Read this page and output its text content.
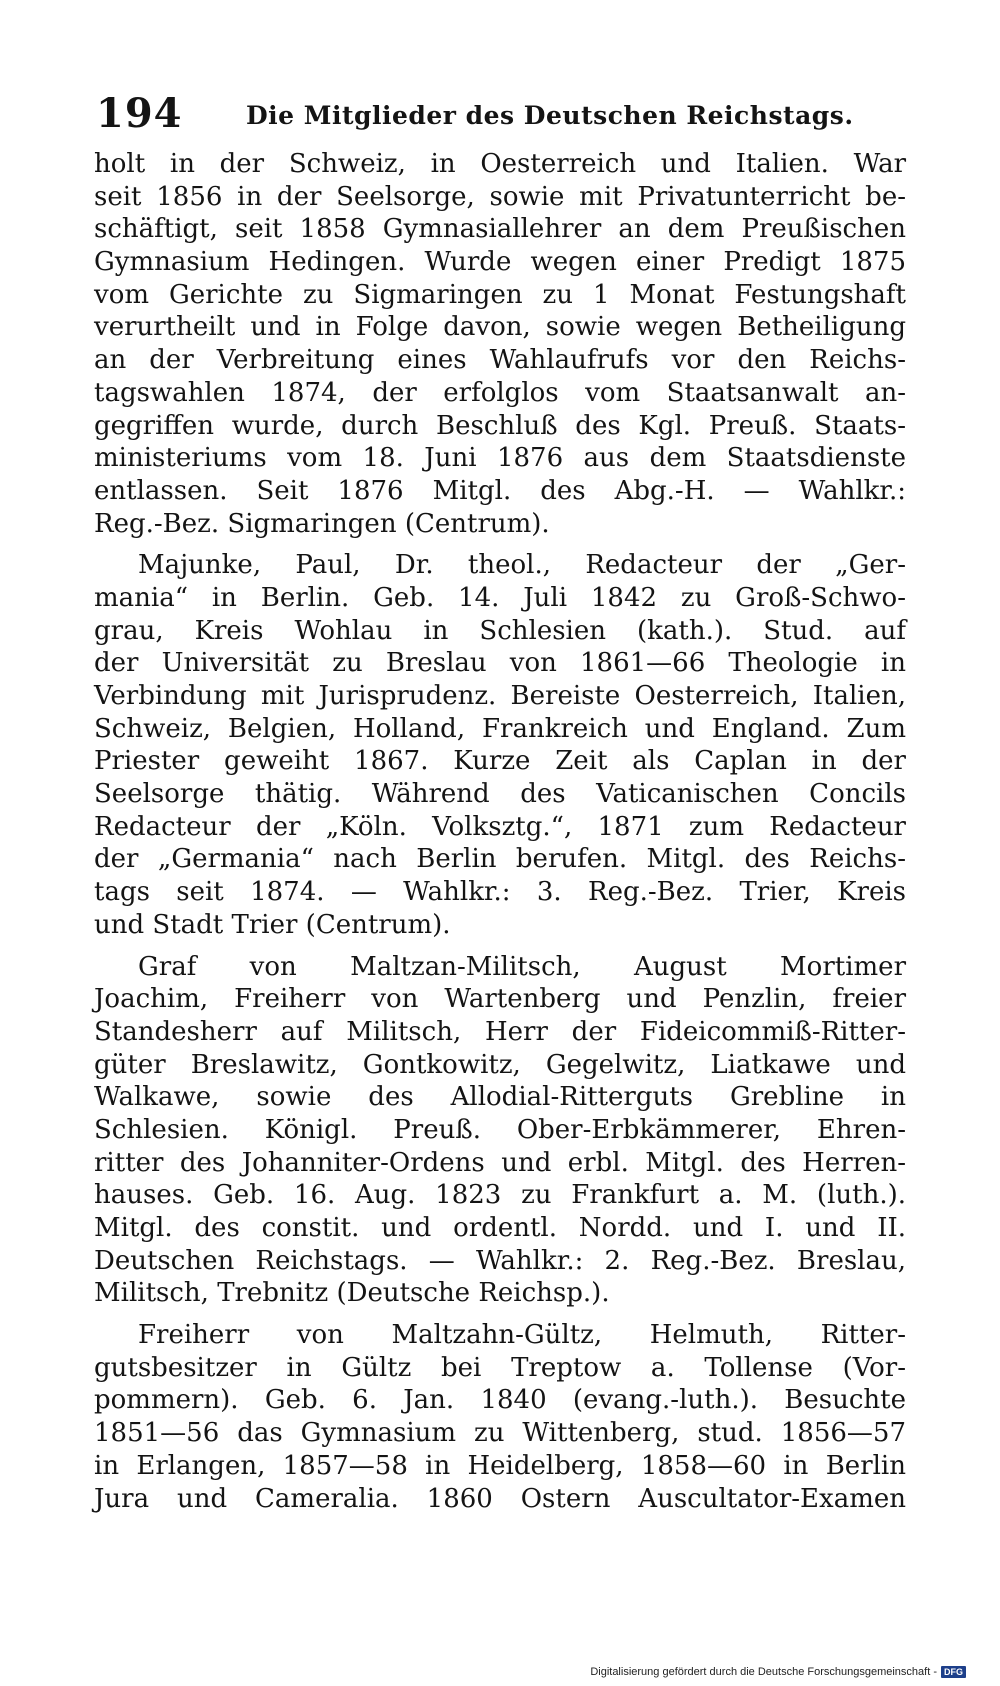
194	Die Mitglieder des Deutschen Reichstags.
holt in der Schweiz, in Oesterreich und Italien. War
seit 1856 in der Seelsorge, sowie mit Privatunterricht be-
schäftigt, seit 1858 Gymnasiallehrer an dem Preußischen
Gymnasium Hedingen. Wurde wegen einer Predigt 1875
vom Gerichte zu Sigmaringen zu 1 Monat Festungshaft
verurtheilt und in Folge davon, sowie wegen Betheiligung
an der Verbreitung eines Wahlaufrufs vor den Reichs-
tagswahlen 1874, der erfolglos vom Staatsanwalt an-
gegriffen wurde, durch Beschluß des Kgl. Preuß. Staats-
ministeriums vom 18. Juni 1876 aus dem Staatsdienste
entlassen. Seit 1876 Mitgl. des Abg.-H. — Wahlkr.:
Reg.-Bez. Sigmaringen (Centrum).
Majunke, Paul, Dr. theol., Redacteur der „Ger-
mania“ in Berlin. Geb. 14. Juli 1842 zu Groß-Schwo-
grau, Kreis Wohlau in Schlesien (kath.). Stud. auf
der Universität zu Breslau von 1861—66 Theologie in
Verbindung mit Jurisprudenz. Bereiste Oesterreich, Italien,
Schweiz, Belgien, Holland, Frankreich und England. Zum
Priester geweiht 1867. Kurze Zeit als Caplan in der
Seelsorge thätig. Während des Vaticanischen Concils
Redacteur der „Köln. Volksztg.“, 1871 zum Redacteur
der „Germania“ nach Berlin berufen. Mitgl. des Reichs-
tags seit 1874. — Wahlkr.: 3. Reg.-Bez. Trier, Kreis
und Stadt Trier (Centrum).
Graf von Maltzan-Militsch, August Mortimer
Joachim, Freiherr von Wartenberg und Penzlin, freier
Standesherr auf Militsch, Herr der Fideicommiß-Ritter-
güter Breslawitz, Gontkowitz, Gegelwitz, Liatkawe und
Walkawe, sowie des Allodial-Ritterguts Grebline in
Schlesien. Königl. Preuß. Ober-Erbkämmerer, Ehren-
ritter des Johanniter-Ordens und erbl. Mitgl. des Herren-
hauses. Geb. 16. Aug. 1823 zu Frankfurt a. M. (luth.).
Mitgl. des constit. und ordentl. Nordd. und I. und II.
Deutschen Reichstags. — Wahlkr.: 2. Reg.-Bez. Breslau,
Militsch, Trebnitz (Deutsche Reichsp.).
Freiherr von Maltzahn-Gültz, Helmuth, Ritter-
gutsbesitzer in Gültz bei Treptow a. Tollense (Vor-
pommern). Geb. 6. Jan. 1840 (evang.-luth.). Besuchte
1851—56 das Gymnasium zu Wittenberg, stud. 1856—57
in Erlangen, 1857—58 in Heidelberg, 1858—60 in Berlin
Jura und Cameralia. 1860 Ostern Auscultator-Examen
Digitalisierung gefördert durch die Deutsche Forschungsgemeinschaft - DFG
